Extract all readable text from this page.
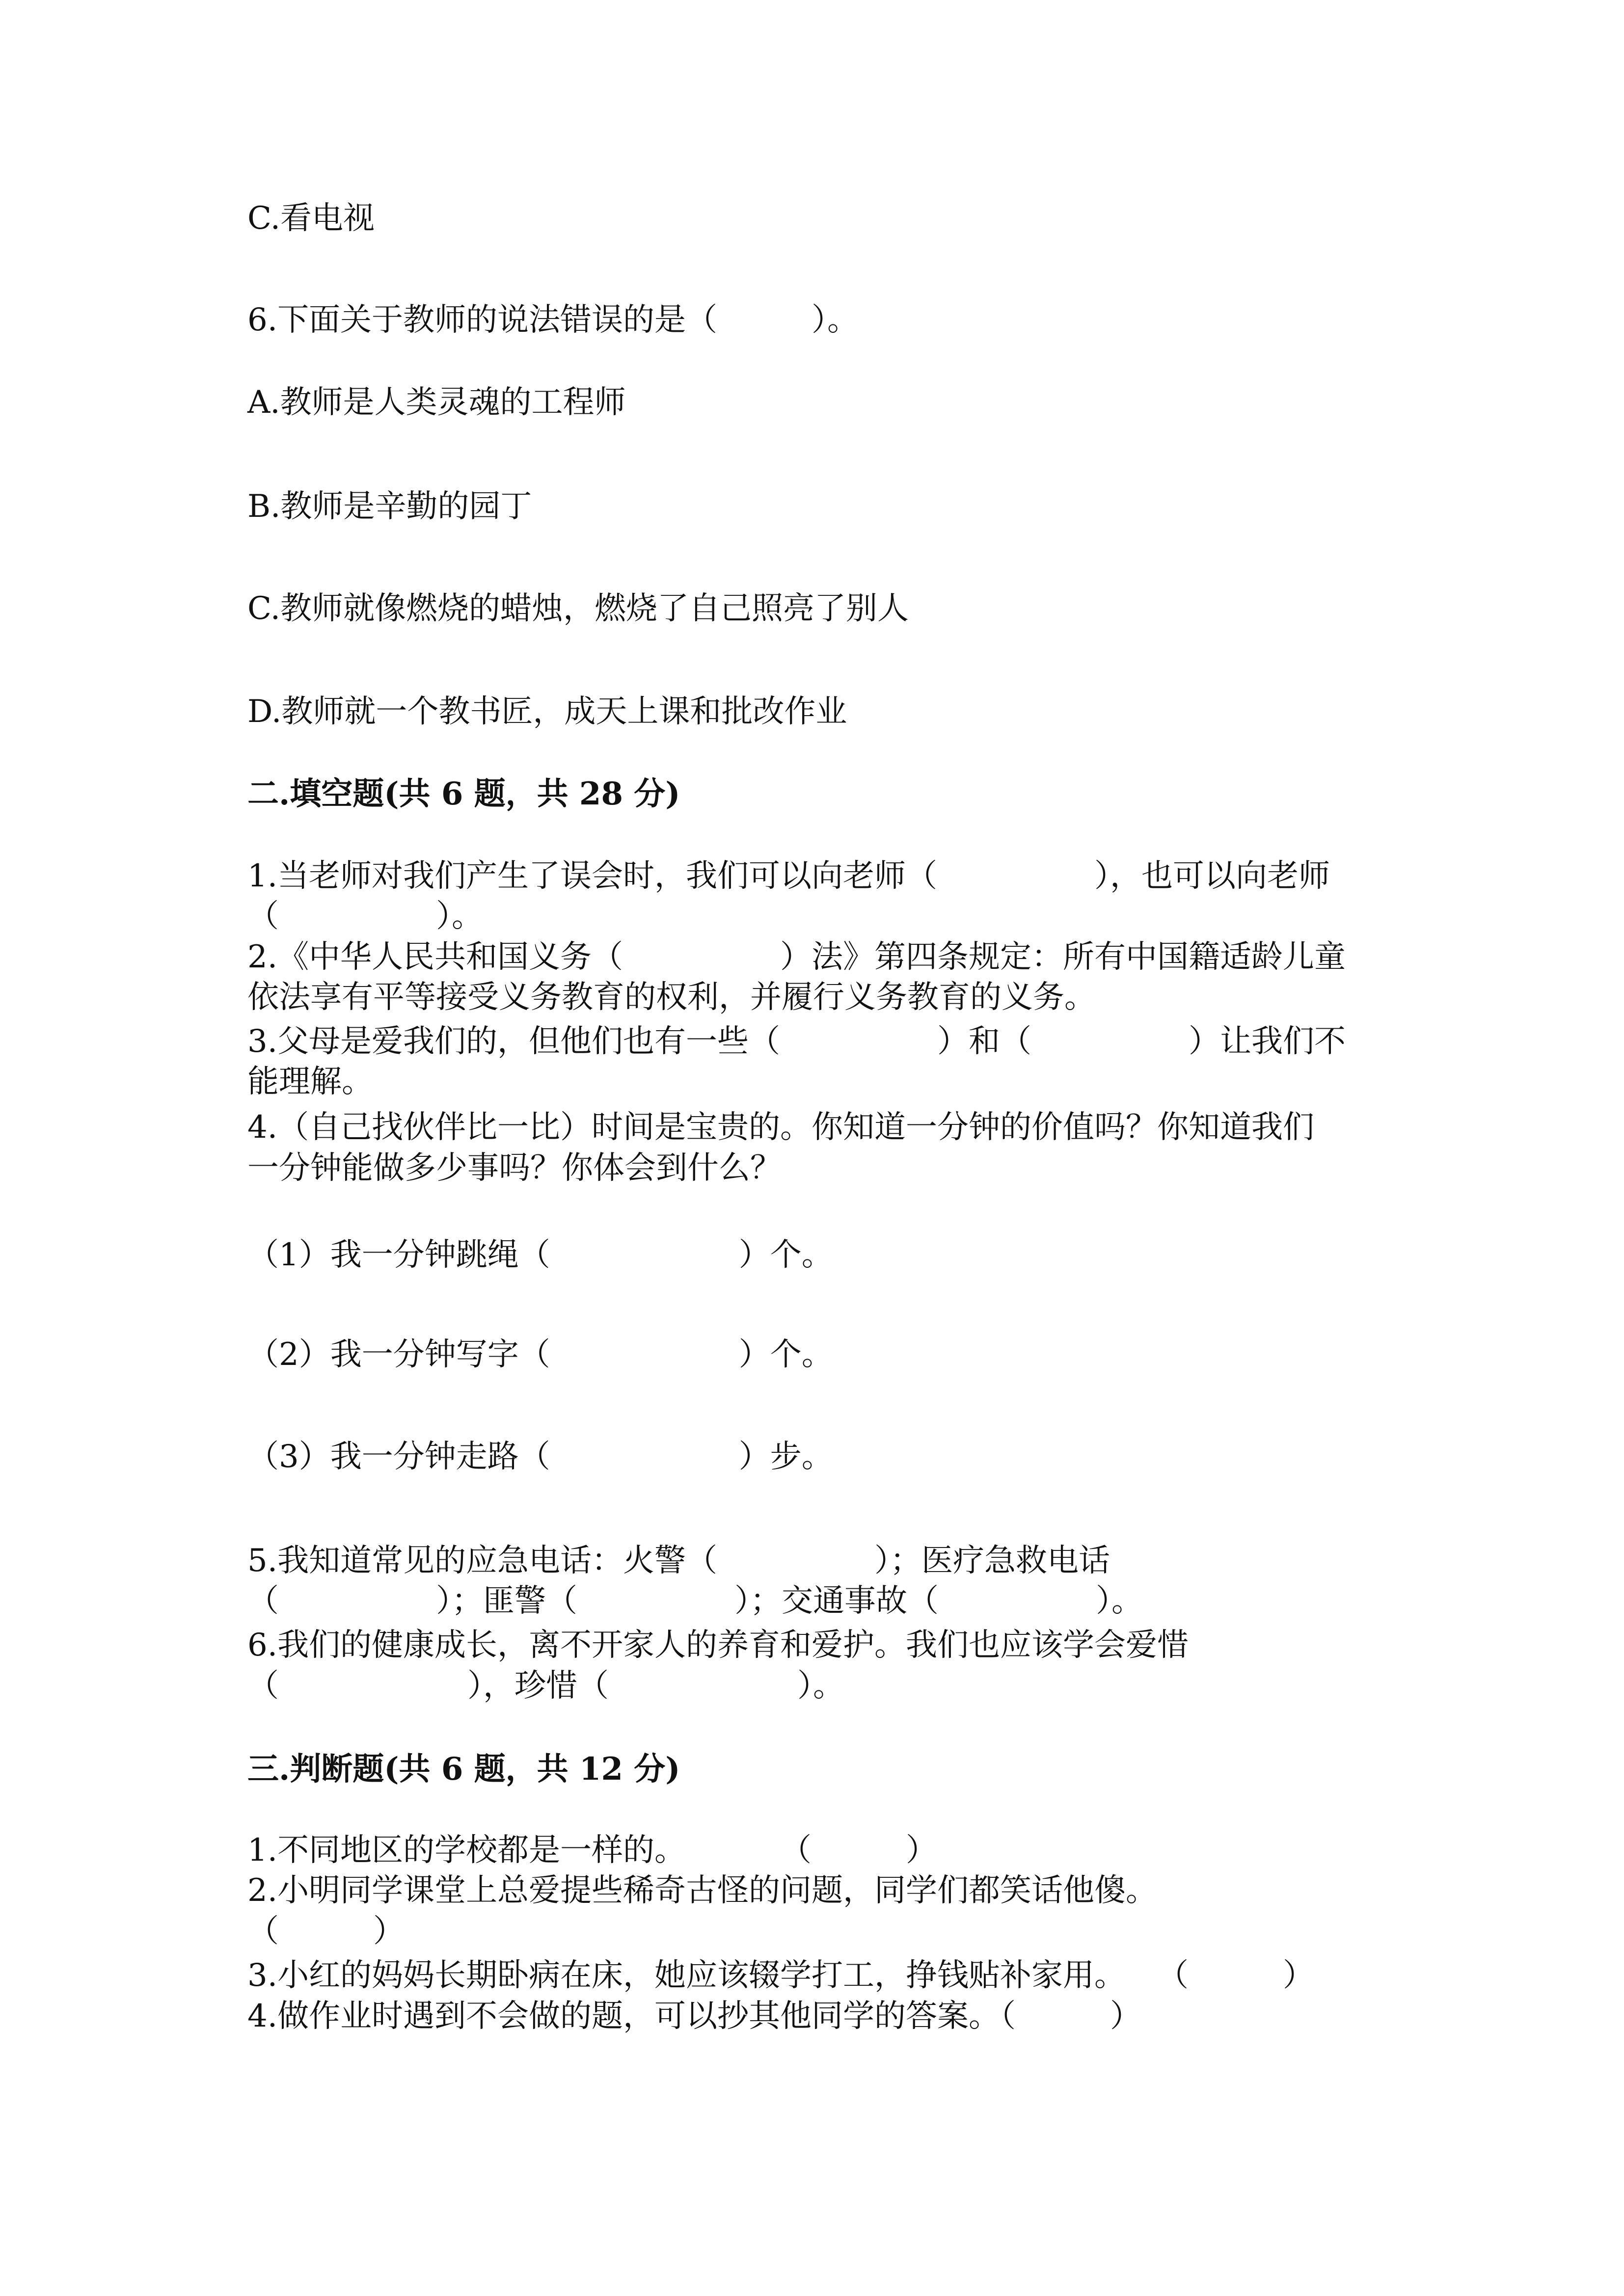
C.看电视

6.下面关于教师的说法错误的是（　　　）。

A.教师是人类灵魂的工程师

B.教师是辛勤的园丁

C.教师就像燃烧的蜡烛，燃烧了自己照亮了别人

D.教师就一个教书匠，成天上课和批改作业

二.填空题(共 6 题，共 28 分)

1.当老师对我们产生了误会时，我们可以向老师（　　　　　），也可以向老师

（　　　　　）。

2.《中华人民共和国义务（　　　　　）法》第四条规定：所有中国籍适龄儿童

依法享有平等接受义务教育的权利，并履行义务教育的义务。

3.父母是爱我们的，但他们也有一些（　　　　　）和（　　　　　）让我们不

能理解。

4.（自己找伙伴比一比）时间是宝贵的。你知道一分钟的价值吗？你知道我们

一分钟能做多少事吗？你体会到什么？

（1）我一分钟跳绳（　　　　　　）个。

（2）我一分钟写字（　　　　　　）个。

（3）我一分钟走路（　　　　　　）步。

5.我知道常见的应急电话：火警（　　　　　）；医疗急救电话

（　　　　　）；匪警（　　　　　）；交通事故（　　　　　）。

6.我们的健康成长，离不开家人的养育和爱护。我们也应该学会爱惜

（　　　　　　），珍惜（　　　　　　）。

三.判断题(共 6 题，共 12 分)

1.不同地区的学校都是一样的。　　　　（　　　）

2.小明同学课堂上总爱提些稀奇古怪的问题，同学们都笑话他傻。

（　　　）

3.小红的妈妈长期卧病在床，她应该辍学打工，挣钱贴补家用。　　（　　　）

4.做作业时遇到不会做的题，可以抄其他同学的答案。（　　　）
